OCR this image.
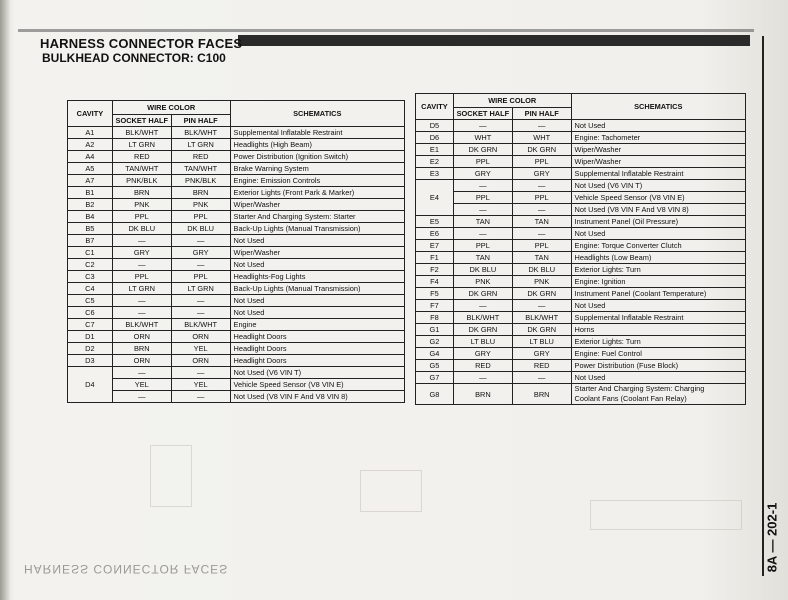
HARNESS CONNECTOR FACES
BULKHEAD CONNECTOR: C100
8A — 202-1
HARNESS CONNECTOR FACES
CAVITY	WIRE COLOR		SCHEMATICS
	SOCKET HALF	PIN HALF	
A1	BLK/WHT	BLK/WHT	Supplemental Inflatable Restraint
A2	LT GRN	LT GRN	Headlights (High Beam)
A4	RED	RED	Power Distribution (Ignition Switch)
A5	TAN/WHT	TAN/WHT	Brake Warning System
A7	PNK/BLK	PNK/BLK	Engine: Emission Controls
B1	BRN	BRN	Exterior Lights (Front Park & Marker)
B2	PNK	PNK	Wiper/Washer
B4	PPL	PPL	Starter And Charging System: Starter
B5	DK BLU	DK BLU	Back-Up Lights (Manual Transmission)
B7	—	—	Not Used
C1	GRY	GRY	Wiper/Washer
C2	—	—	Not Used
C3	PPL	PPL	Headlights-Fog Lights
C4	LT GRN	LT GRN	Back-Up Lights (Manual Transmission)
C5	—	—	Not Used
C6	—	—	Not Used
C7	BLK/WHT	BLK/WHT	Engine
D1	ORN	ORN	Headlight Doors
D2	BRN	YEL	Headlight Doors
D3	ORN	ORN	Headlight Doors
D4	—	—	Not Used (V6 VIN T)
	YEL	YEL	Vehicle Speed Sensor (V8 VIN E)
	—	—	Not Used (V8 VIN F And V8 VIN 8)
CAVITY	WIRE COLOR		SCHEMATICS
	SOCKET HALF	PIN HALF	
D5	—	—	Not Used
D6	WHT	WHT	Engine: Tachometer
E1	DK GRN	DK GRN	Wiper/Washer
E2	PPL	PPL	Wiper/Washer
E3	GRY	GRY	Supplemental Inflatable Restraint
E4	—	—	Not Used (V6 VIN T)
	PPL	PPL	Vehicle Speed Sensor (V8 VIN E)
	—	—	Not Used (V8 VIN F And V8 VIN 8)
E5	TAN	TAN	Instrument Panel (Oil Pressure)
E6	—	—	Not Used
E7	PPL	PPL	Engine: Torque Converter Clutch
F1	TAN	TAN	Headlights (Low Beam)
F2	DK BLU	DK BLU	Exterior Lights: Turn
F4	PNK	PNK	Engine: Ignition
F5	DK GRN	DK GRN	Instrument Panel (Coolant Temperature)
F7	—	—	Not Used
F8	BLK/WHT	BLK/WHT	Supplemental Inflatable Restraint
G1	DK GRN	DK GRN	Horns
G2	LT BLU	LT BLU	Exterior Lights: Turn
G4	GRY	GRY	Engine: Fuel Control
G5	RED	RED	Power Distribution (Fuse Block)
G7	—	—	Not Used
G8	BRN	BRN	Starter And Charging System: Charging
Coolant Fans (Coolant Fan Relay)
